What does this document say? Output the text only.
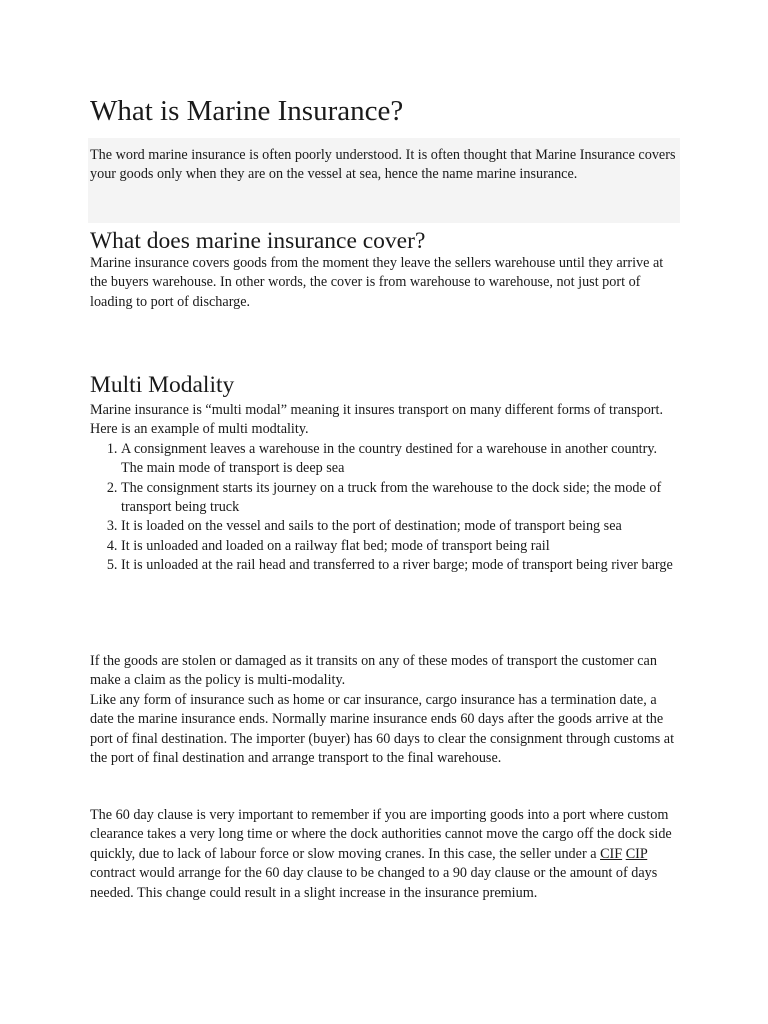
What is Marine Insurance?

The word marine insurance is often poorly understood. It is often thought that Marine Insurance covers your goods only when they are on the vessel at sea, hence the name marine insurance.

What does marine insurance cover?

Marine insurance covers goods from the moment they leave the sellers warehouse until they arrive at the buyers warehouse. In other words, the cover is from warehouse to warehouse, not just port of loading to port of discharge.

Multi Modality

Marine insurance is “multi modal” meaning it insures transport on many different forms of transport. Here is an example of multi modtality.

1. A consignment leaves a warehouse in the country destined for a warehouse in another country. The main mode of transport is deep sea
2. The consignment starts its journey on a truck from the warehouse to the dock side; the mode of transport being truck
3. It is loaded on the vessel and sails to the port of destination; mode of transport being sea
4. It is unloaded and loaded on a railway flat bed; mode of transport being rail
5. It is unloaded at the rail head and transferred to a river barge; mode of transport being river barge

If the goods are stolen or damaged as it transits on any of these modes of transport the customer can make a claim as the policy is multi-modality.

Like any form of insurance such as home or car insurance, cargo insurance has a termination date, a date the marine insurance ends. Normally marine insurance ends 60 days after the goods arrive at the port of final destination. The importer (buyer) has 60 days to clear the consignment through customs at the port of final destination and arrange transport to the final warehouse.

The 60 day clause is very important to remember if you are importing goods into a port where custom clearance takes a very long time or where the dock authorities cannot move the cargo off the dock side quickly, due to lack of labour force or slow moving cranes. In this case, the seller under a CIF CIP contract would arrange for the 60 day clause to be changed to a 90 day clause or the amount of days needed. This change could result in a slight increase in the insurance premium.
